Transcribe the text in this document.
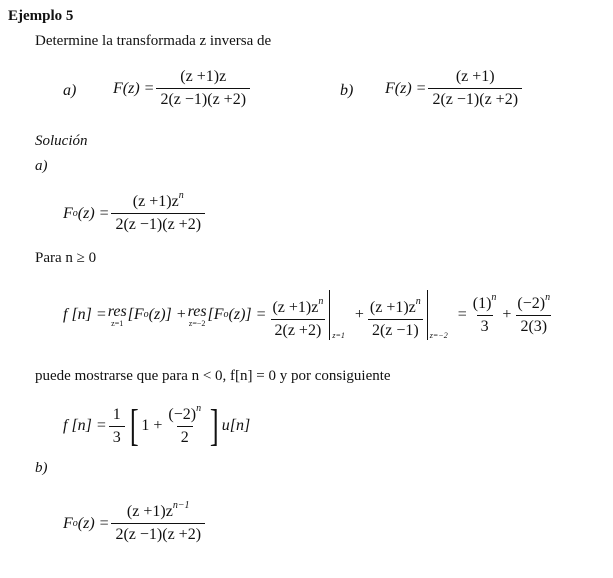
Ejemplo 5
Determine la transformada z inversa de
a) $F(z) = \frac{(z +1)z}{2(z -1)(z +2)}$	b) $F(z) = \frac{(z +1)}{2(z -1)(z +2)}$
Solución
a)
F o $(z) = \frac{(z +1)z^n}{2(z -1)(z +2)}$
Para n ≥ 0
f [n] = res
z=1
[F o (z)] + res
z=−2
[F o $(z)] = \frac{(z +1)z^n}{2(z +2)} z=1$
+ $\frac{(z +1)z^n}{2(z -1)} z=-2$
= $\frac{(1)^n}{3} + \frac{(-2)^n}{2(3)}$
puede mostrarse que para n < 0, f[n] = 0 y por consiguiente
f $[n] = \frac{1}{3}$ [ $1 + \frac{(-2)^n}{2}$ ] u[n]
b)
F o $(z) = \frac{(z +1)z^{n-1}}{2(z -1)(z +2)}$
